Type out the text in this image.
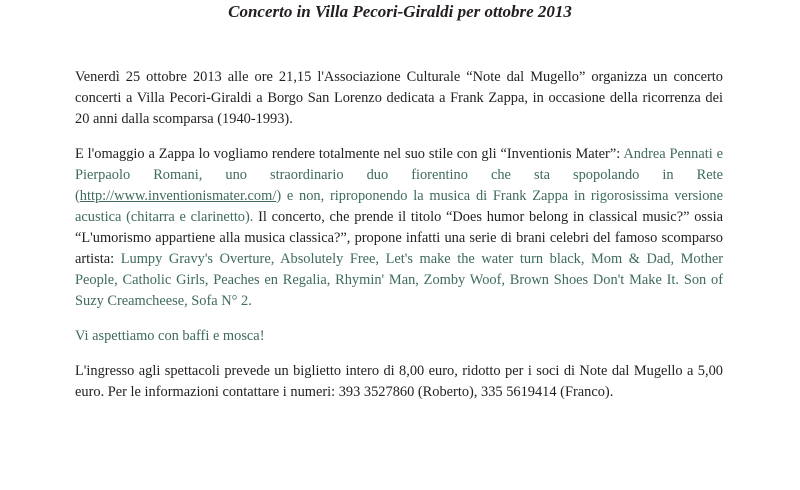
Concerto in Villa Pecori-Giraldi per ottobre 2013

Venerdì 25 ottobre 2013 alle ore 21,15 l'Associazione Culturale “Note dal Mugello” organizza un concerto concerti a Villa Pecori-Giraldi a Borgo San Lorenzo dedicata a Frank Zappa, in occasione della ricorrenza dei 20 anni dalla scomparsa (1940-1993).

E l'omaggio a Zappa lo vogliamo rendere totalmente nel suo stile con gli “Inventionis Mater”: Andrea Pennati e Pierpaolo Romani, uno straordinario duo fiorentino che sta spopolando in Rete (http://www.inventionismater.com/) e non, riproponendo la musica di Frank Zappa in rigorosissima versione acustica (chitarra e clarinetto). Il concerto, che prende il titolo “Does humor belong in classical music?” ossia “L'umorismo appartiene alla musica classica?”, propone infatti una serie di brani celebri del famoso scomparso artista: Lumpy Gravy's Overture, Absolutely Free, Let's make the water turn black, Mom & Dad, Mother People, Catholic Girls, Peaches en Regalia, Rhymin' Man, Zomby Woof, Brown Shoes Don't Make It. Son of Suzy Creamcheese, Sofa N° 2.

Vi aspettiamo con baffi e mosca!

L'ingresso agli spettacoli prevede un biglietto intero di 8,00 euro, ridotto per i soci di Note dal Mugello a 5,00 euro. Per le informazioni contattare i numeri: 393 3527860 (Roberto), 335 5619414 (Franco).
